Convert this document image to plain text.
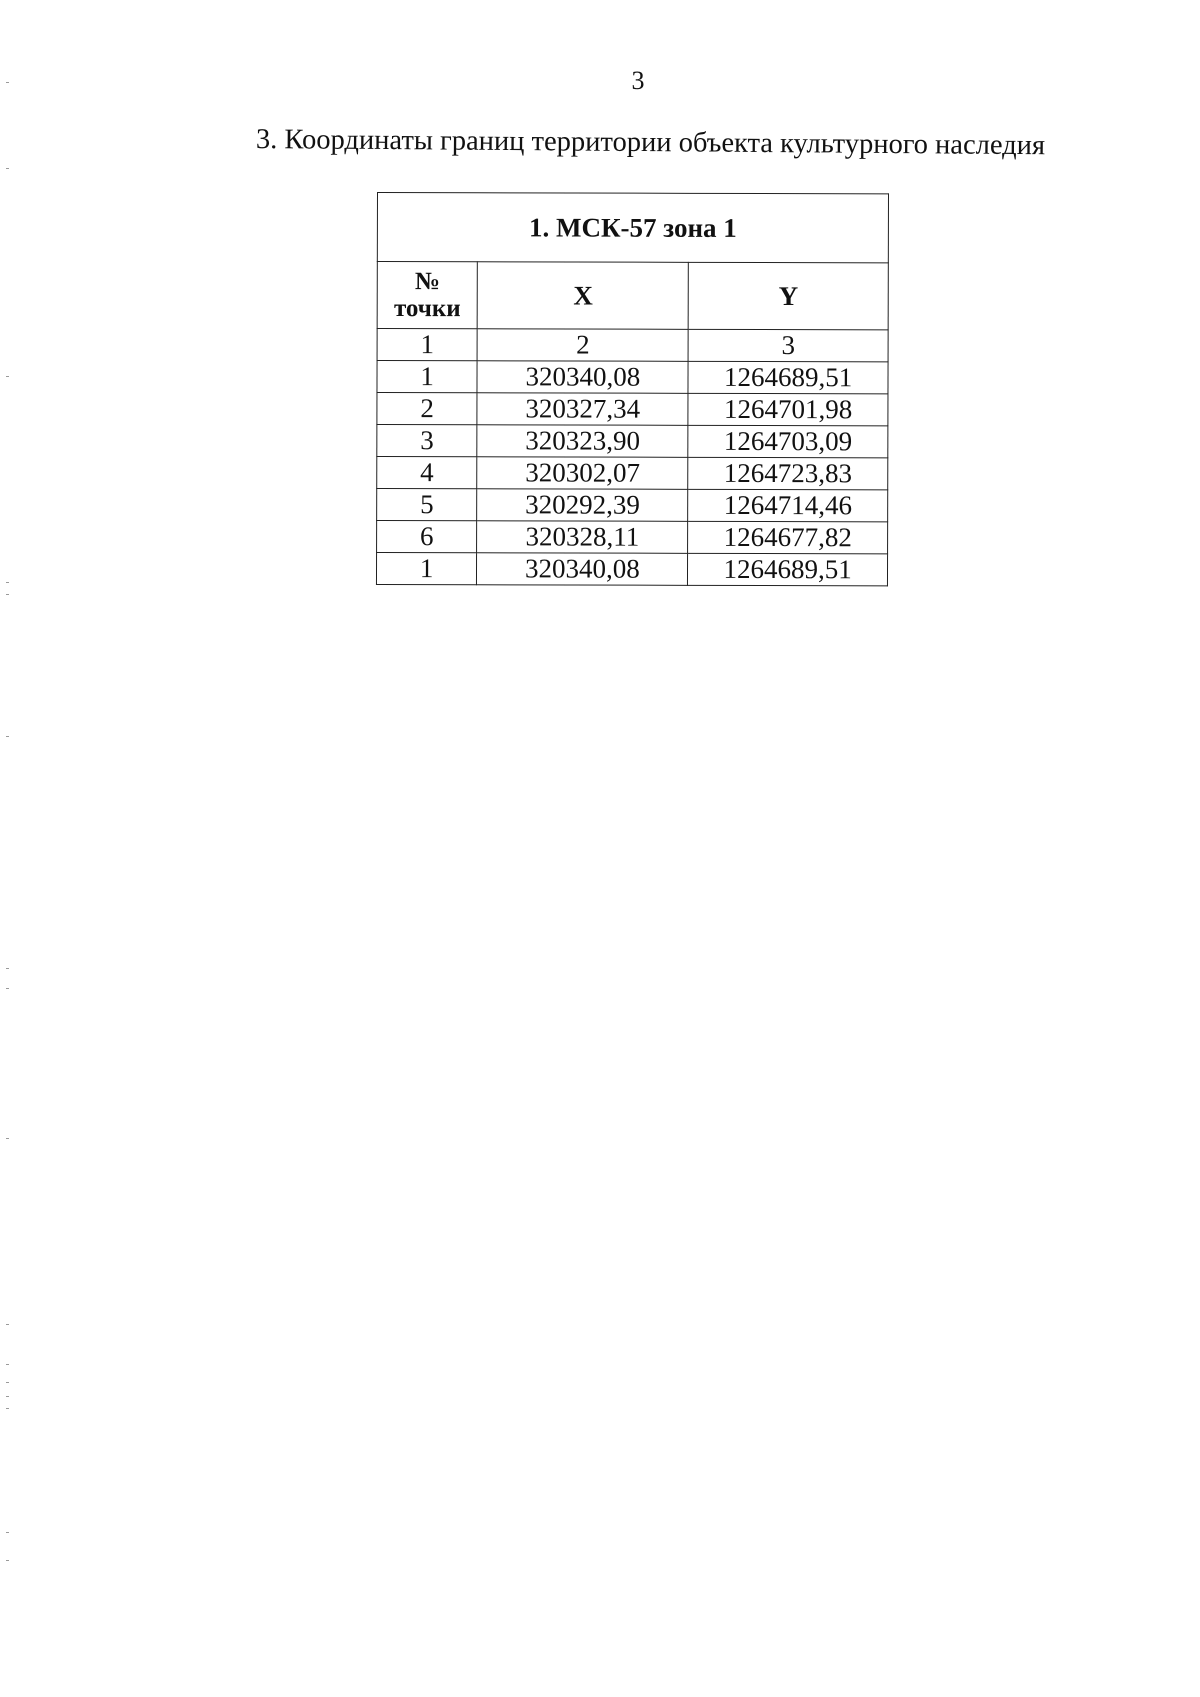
3
3. Координаты границ территории объекта культурного наследия
1. МСК-57 зона 1		

№
точки	X	Y
1	2	3
1	320340,08	1264689,51
2	320327,34	1264701,98
3	320323,90	1264703,09
4	320302,07	1264723,83
5	320292,39	1264714,46
6	320328,11	1264677,82
1	320340,08	1264689,51
